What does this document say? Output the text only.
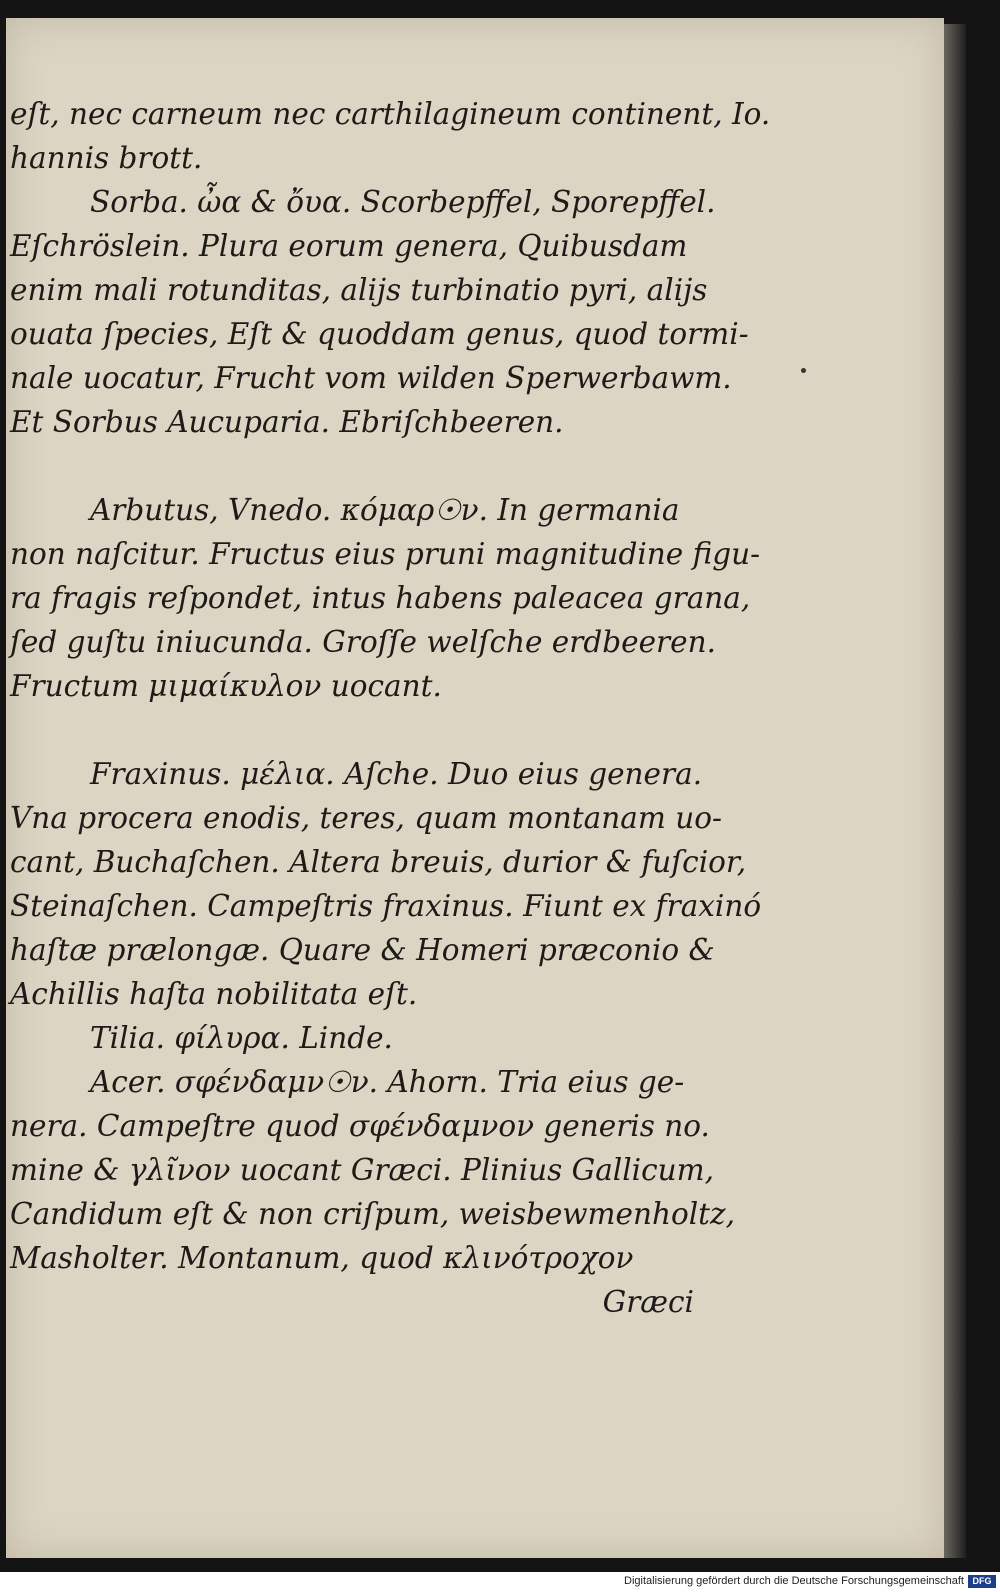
eſt, nec carneum nec carthilagineum continent, Io.
hannis brott.
Sorba. ὦα & ὄυα. Scorbepffel, Sporepffel.
Eſchröslein. Plura eorum genera, Quibusdam
enim mali rotunditas, alijs turbinatio pyri, alijs
ouata ſpecies, Eſt & quoddam genus, quod tormi-
nale uocatur, Frucht vom wilden Sperwerbawm.
Et Sorbus Aucuparia. Ebriſchbeeren.
Arbutus, Vnedo. κόμαρ☉ν. In germania
non naſcitur. Fructus eius pruni magnitudine figu-
ra fragis reſpondet, intus habens paleacea grana,
ſed guſtu iniucunda. Groſſe welſche erdbeeren.
Fructum μιμαίκυλον uocant.
Fraxinus. μέλια. Aſche. Duo eius genera.
Vna procera enodis, teres, quam montanam uo-
cant, Buchaſchen. Altera breuis, durior & fuſcior,
Steinaſchen. Campeſtris fraxinus. Fiunt ex fraxinó
haſtæ prælongæ. Quare & Homeri præconio &
Achillis haſta nobilitata eſt.
Tilia. φίλυρα. Linde.
Acer. σφένδαμν☉ν. Ahorn. Tria eius ge-
nera. Campeſtre quod σφένδαμνον generis no.
mine & γλῖνον uocant Græci. Plinius Gallicum,
Candidum eſt & non criſpum, weisbewmenholtz,
Masholter. Montanum, quod κλινότροχον
Græci
Digitalisierung gefördert durch die Deutsche Forschungsgemeinschaft DFG
